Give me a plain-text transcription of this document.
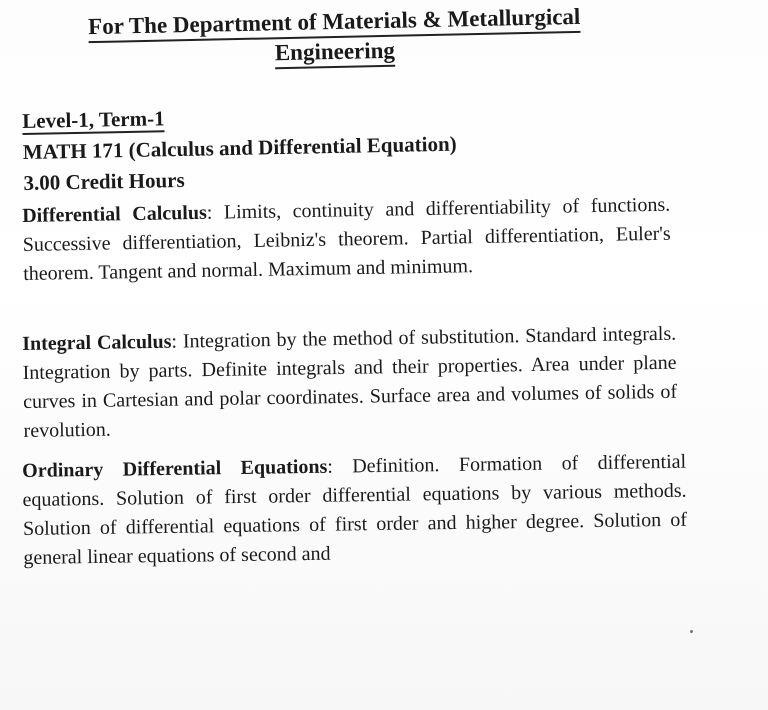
For The Department of Materials & Metallurgical
Engineering
Level-1, Term-1
MATH 171 (Calculus and Differential Equation)
3.00 Credit Hours

Differential Calculus: Limits, continuity and differentiability of functions. Successive differentiation, Leibniz's theorem. Partial differentiation, Euler's theorem. Tangent and normal. Maximum and minimum.

Integral Calculus: Integration by the method of substitution. Standard integrals. Integration by parts. Definite integrals and their properties. Area under plane curves in Cartesian and polar coordinates. Surface area and volumes of solids of revolution.

Ordinary Differential Equations: Definition. Formation of differential equations. Solution of first order differential equations by various methods. Solution of differential equations of first order and higher degree. Solution of general linear equations of second and
